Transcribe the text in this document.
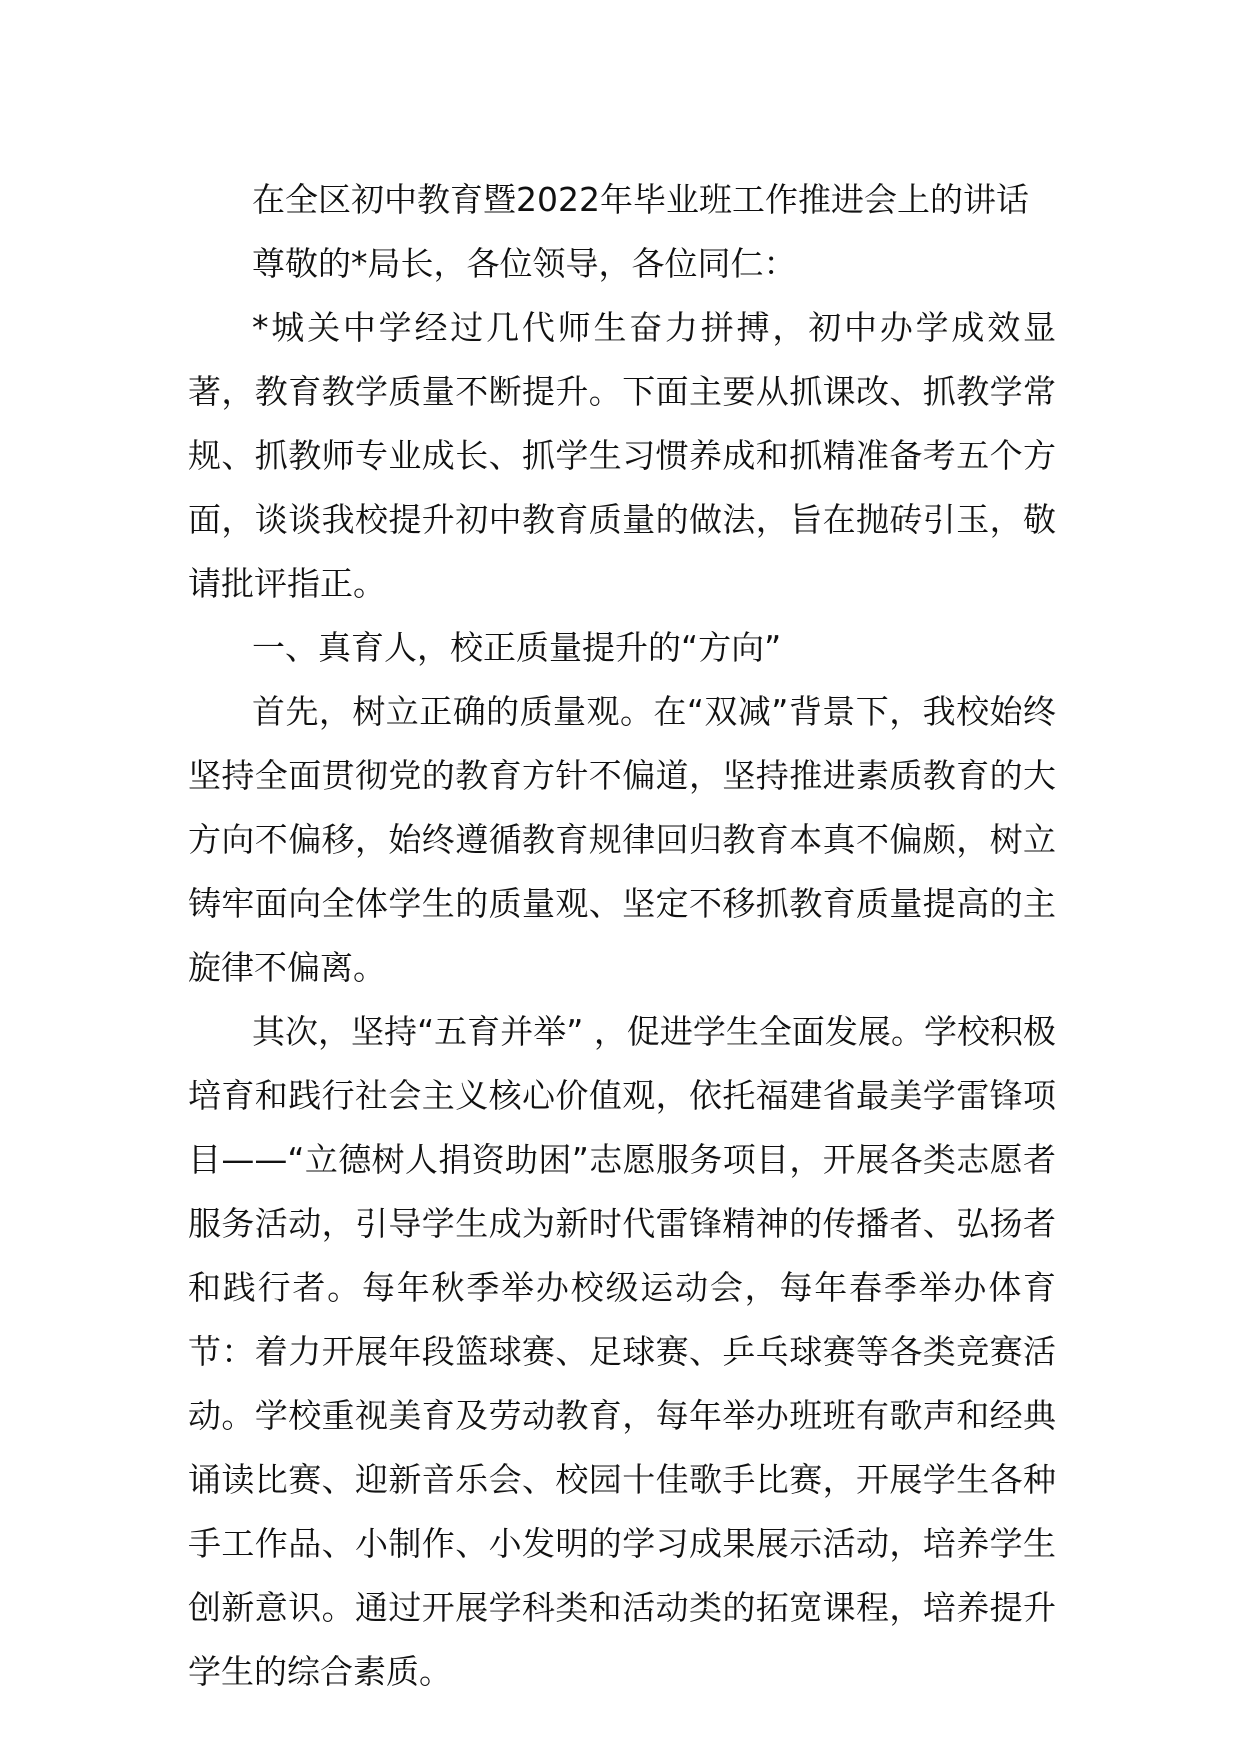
在全区初中教育暨2022年毕业班工作推进会上的讲话

尊敬的*局长，各位领导，各位同仁：

*城关中学经过几代师生奋力拼搏，初中办学成效显著，教育教学质量不断提升。下面主要从抓课改、抓教学常规、抓教师专业成长、抓学生习惯养成和抓精准备考五个方面，谈谈我校提升初中教育质量的做法，旨在抛砖引玉，敬请批评指正。

一、真育人，校正质量提升的“方向”

首先，树立正确的质量观。在“双减”背景下，我校始终坚持全面贯彻党的教育方针不偏道，坚持推进素质教育的大方向不偏移，始终遵循教育规律回归教育本真不偏颇，树立铸牢面向全体学生的质量观、坚定不移抓教育质量提高的主旋律不偏离。

其次，坚持“五育并举” ，促进学生全面发展。学校积极培育和践行社会主义核心价值观，依托福建省最美学雷锋项目——“立德树人捐资助困”志愿服务项目，开展各类志愿者服务活动，引导学生成为新时代雷锋精神的传播者、弘扬者和践行者。每年秋季举办校级运动会，每年春季举办体育节：着力开展年段篮球赛、足球赛、乒乓球赛等各类竞赛活动。学校重视美育及劳动教育，每年举办班班有歌声和经典诵读比赛、迎新音乐会、校园十佳歌手比赛，开展学生各种手工作品、小制作、小发明的学习成果展示活动，培养学生创新意识。通过开展学科类和活动类的拓宽课程，培养提升学生的综合素质。
